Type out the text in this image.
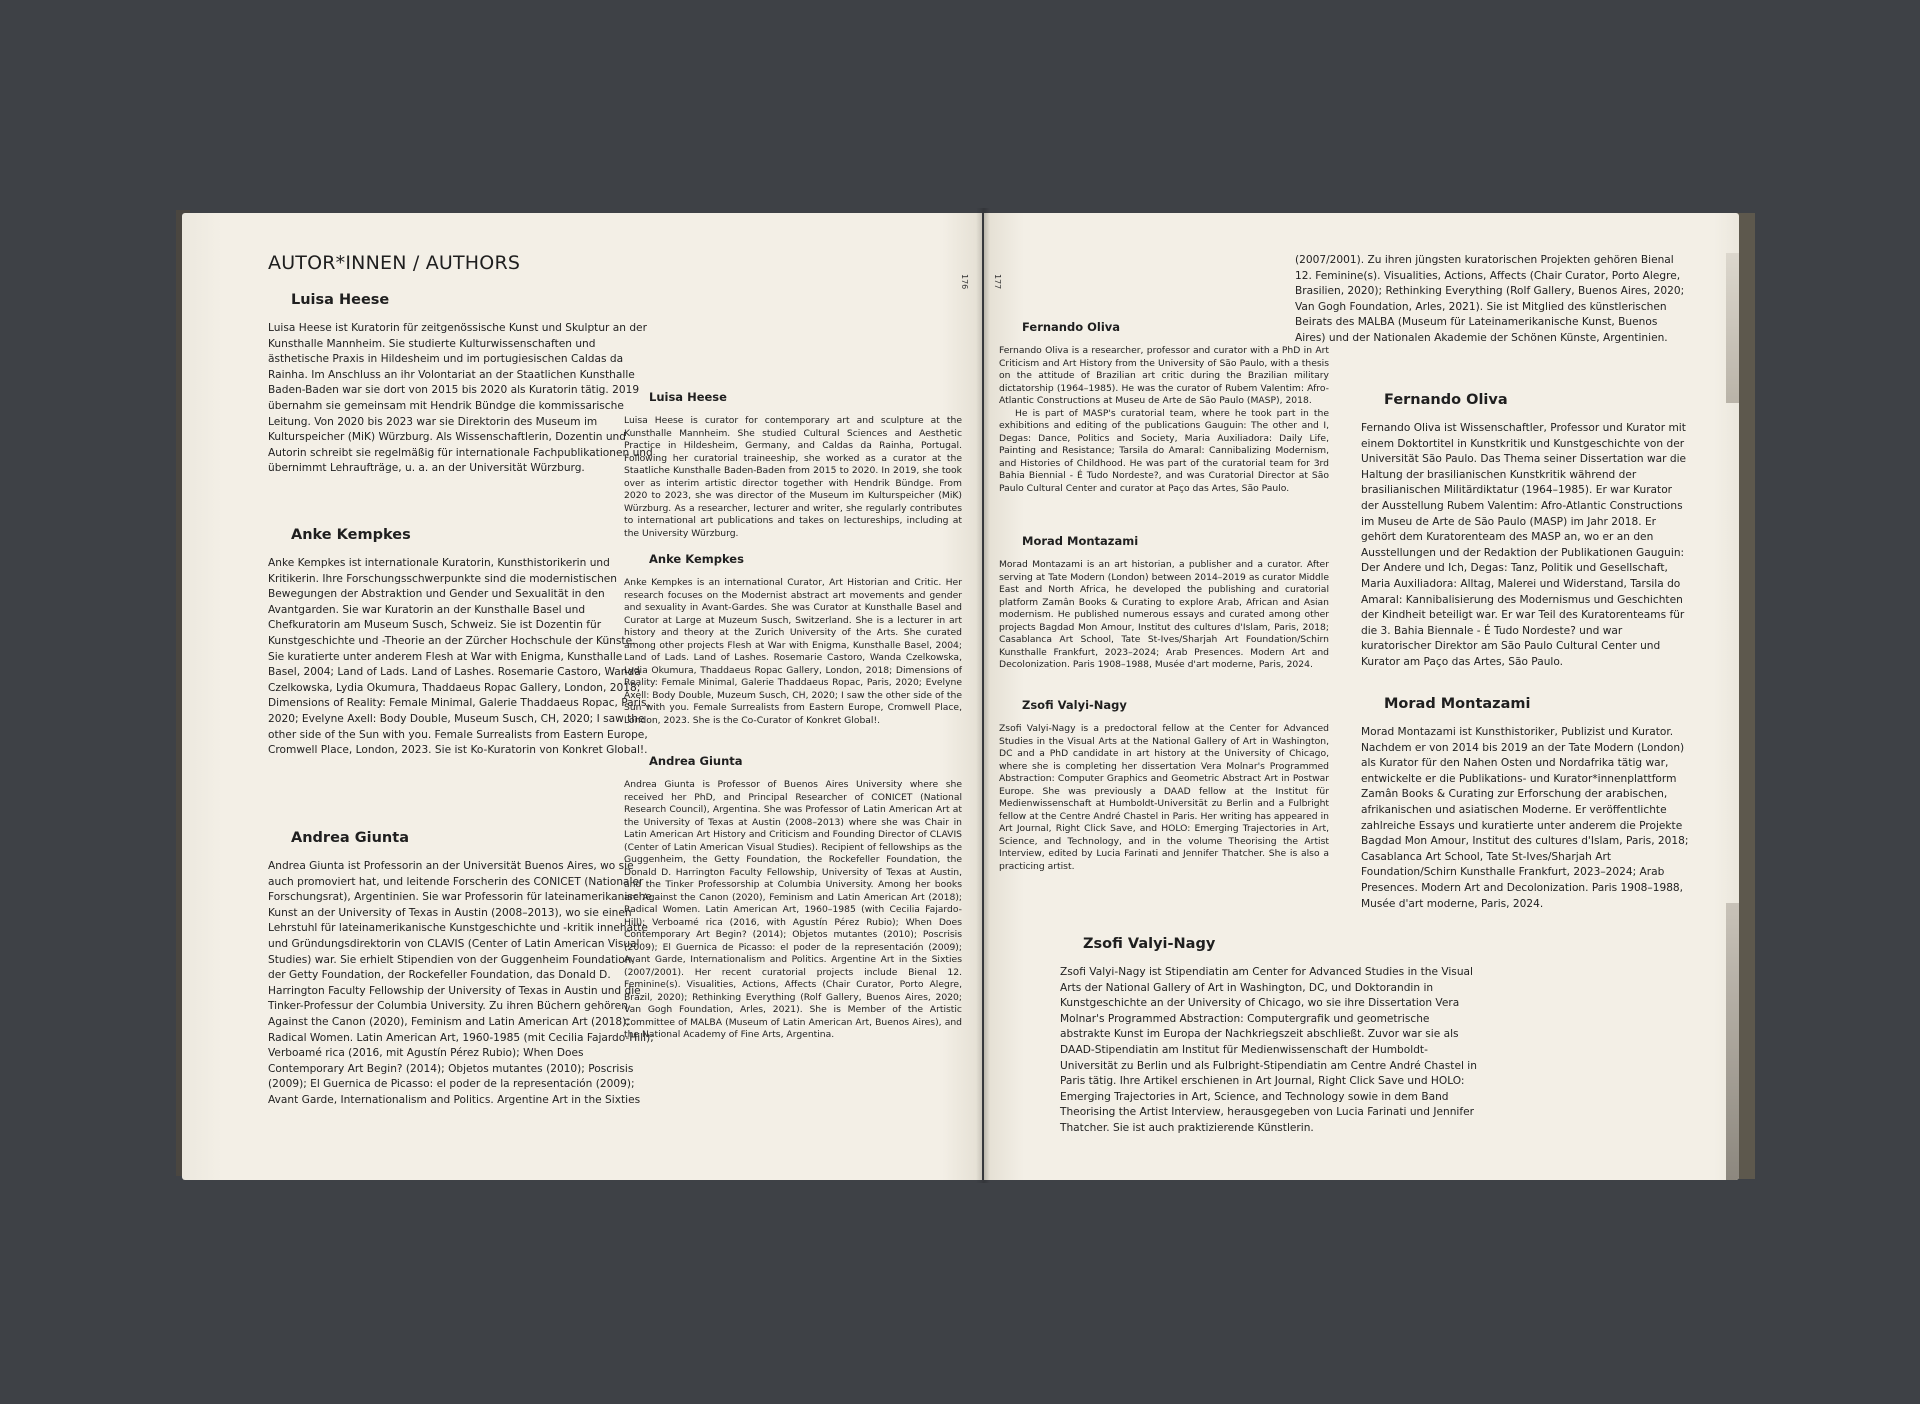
AUTOR*INNEN / AUTHORS
176
Luisa Heese
Luisa Heese ist Kuratorin für zeitgenössische Kunst und Skulptur an der Kunsthalle Mannheim. Sie studierte Kulturwissenschaften und ästhetische Praxis in Hildesheim und im portugiesischen Caldas da Rainha. Im Anschluss an ihr Volontariat an der Staatlichen Kunsthalle Baden-Baden war sie dort von 2015 bis 2020 als Kuratorin tätig. 2019 übernahm sie gemeinsam mit Hendrik Bündge die kommissarische Leitung. Von 2020 bis 2023 war sie Direktorin des Museum im Kulturspeicher (MiK) Würzburg. Als Wissenschaftlerin, Dozentin und Autorin schreibt sie regelmäßig für internationale Fachpublikationen und übernimmt Lehraufträge, u. a. an der Universität Würzburg.
Anke Kempkes
Anke Kempkes ist internationale Kuratorin, Kunsthistorikerin und Kritikerin. Ihre Forschungsschwerpunkte sind die modernistischen Bewegungen der Abstraktion und Gender und Sexualität in den Avantgarden. Sie war Kuratorin an der Kunsthalle Basel und Chefkuratorin am Museum Susch, Schweiz. Sie ist Dozentin für Kunstgeschichte und -Theorie an der Zürcher Hochschule der Künste. Sie kuratierte unter anderem Flesh at War with Enigma, Kunsthalle Basel, 2004; Land of Lads. Land of Lashes. Rosemarie Castoro, Wanda Czelkowska, Lydia Okumura, Thaddaeus Ropac Gallery, London, 2018; Dimensions of Reality: Female Minimal, Galerie Thaddaeus Ropac, Paris, 2020; Evelyne Axell: Body Double, Museum Susch, CH, 2020; I saw the other side of the Sun with you. Female Surrealists from Eastern Europe, Cromwell Place, London, 2023. Sie ist Ko-Kuratorin von Konkret Global!.
Andrea Giunta
Andrea Giunta ist Professorin an der Universität Buenos Aires, wo sie auch promoviert hat, und leitende Forscherin des CONICET (Nationaler Forschungsrat), Argentinien. Sie war Professorin für lateinamerikanische Kunst an der University of Texas in Austin (2008–2013), wo sie einen Lehrstuhl für lateinamerikanische Kunstgeschichte und -kritik innehatte und Gründungsdirektorin von CLAVIS (Center of Latin American Visual Studies) war. Sie erhielt Stipendien von der Guggenheim Foundation, der Getty Foundation, der Rockefeller Foundation, das Donald D. Harrington Faculty Fellowship der University of Texas in Austin und die Tinker-Professur der Columbia University. Zu ihren Büchern gehören Against the Canon (2020), Feminism and Latin American Art (2018); Radical Women. Latin American Art, 1960-1985 (mit Cecilia Fajardo-Hill); Verboamé rica (2016, mit Agustín Pérez Rubio); When Does Contemporary Art Begin? (2014); Objetos mutantes (2010); Poscrisis (2009); El Guernica de Picasso: el poder de la representación (2009); Avant Garde, Internationalism and Politics. Argentine Art in the Sixties
Luisa Heese
Luisa Heese is curator for contemporary art and sculpture at the Kunsthalle Mannheim. She studied Cultural Sciences and Aesthetic Practice in Hildesheim, Germany, and Caldas da Rainha, Portugal. Following her curatorial traineeship, she worked as a curator at the Staatliche Kunsthalle Baden-Baden from 2015 to 2020. In 2019, she took over as interim artistic director together with Hendrik Bündge. From 2020 to 2023, she was director of the Museum im Kulturspeicher (MiK) Würzburg. As a researcher, lecturer and writer, she regularly contributes to international art publications and takes on lectureships, including at the University Würzburg.
Anke Kempkes
Anke Kempkes is an international Curator, Art Historian and Critic. Her research focuses on the Modernist abstract art movements and gender and sexuality in Avant-Gardes. She was Curator at Kunsthalle Basel and Curator at Large at Muzeum Susch, Switzerland. She is a lecturer in art history and theory at the Zurich University of the Arts. She curated among other projects Flesh at War with Enigma, Kunsthalle Basel, 2004; Land of Lads. Land of Lashes. Rosemarie Castoro, Wanda Czelkowska, Lydia Okumura, Thaddaeus Ropac Gallery, London, 2018; Dimensions of Reality: Female Minimal, Galerie Thaddaeus Ropac, Paris, 2020; Evelyne Axell: Body Double, Muzeum Susch, CH, 2020; I saw the other side of the Sun with you. Female Surrealists from Eastern Europe, Cromwell Place, London, 2023. She is the Co-Curator of Konkret Global!.
Andrea Giunta
Andrea Giunta is Professor of Buenos Aires University where she received her PhD, and Principal Researcher of CONICET (National Research Council), Argentina. She was Professor of Latin American Art at the University of Texas at Austin (2008–2013) where she was Chair in Latin American Art History and Criticism and Founding Director of CLAVIS (Center of Latin American Visual Studies). Recipient of fellowships as the Guggenheim, the Getty Foundation, the Rockefeller Foundation, the Donald D. Harrington Faculty Fellowship, University of Texas at Austin, and the Tinker Professorship at Columbia University. Among her books are Against the Canon (2020), Feminism and Latin American Art (2018); Radical Women. Latin American Art, 1960–1985 (with Cecilia Fajardo-Hill); Verboamé rica (2016, with Agustín Pérez Rubio); When Does Contemporary Art Begin? (2014); Objetos mutantes (2010); Poscrisis (2009); El Guernica de Picasso: el poder de la representación (2009); Avant Garde, Internationalism and Politics. Argentine Art in the Sixties (2007/2001). Her recent curatorial projects include Bienal 12. Feminine(s). Visualities, Actions, Affects (Chair Curator, Porto Alegre, Brazil, 2020); Rethinking Everything (Rolf Gallery, Buenos Aires, 2020; Van Gogh Foundation, Arles, 2021). She is Member of the Artistic Committee of MALBA (Museum of Latin American Art, Buenos Aires), and the National Academy of Fine Arts, Argentina.
177
Fernando Oliva
Fernando Oliva is a researcher, professor and curator with a PhD in Art Criticism and Art History from the University of São Paulo, with a thesis on the attitude of Brazilian art critic during the Brazilian military dictatorship (1964–1985). He was the curator of Rubem Valentim: Afro-Atlantic Constructions at Museu de Arte de São Paulo (MASP), 2018.
He is part of MASP's curatorial team, where he took part in the exhibitions and editing of the publications Gauguin: The other and I, Degas: Dance, Politics and Society, Maria Auxiliadora: Daily Life, Painting and Resistance; Tarsila do Amaral: Cannibalizing Modernism, and Histories of Childhood. He was part of the curatorial team for 3rd Bahia Biennial - É Tudo Nordeste?, and was Curatorial Director at São Paulo Cultural Center and curator at Paço das Artes, São Paulo.
Morad Montazami
Morad Montazami is an art historian, a publisher and a curator. After serving at Tate Modern (London) between 2014–2019 as curator Middle East and North Africa, he developed the publishing and curatorial platform Zamân Books & Curating to explore Arab, African and Asian modernism. He published numerous essays and curated among other projects Bagdad Mon Amour, Institut des cultures d'Islam, Paris, 2018; Casablanca Art School, Tate St-Ives/Sharjah Art Foundation/Schirn Kunsthalle Frankfurt, 2023–2024; Arab Presences. Modern Art and Decolonization. Paris 1908–1988, Musée d'art moderne, Paris, 2024.
Zsofi Valyi-Nagy
Zsofi Valyi-Nagy is a predoctoral fellow at the Center for Advanced Studies in the Visual Arts at the National Gallery of Art in Washington, DC and a PhD candidate in art history at the University of Chicago, where she is completing her dissertation Vera Molnar's Programmed Abstraction: Computer Graphics and Geometric Abstract Art in Postwar Europe. She was previously a DAAD fellow at the Institut für Medienwissenschaft at Humboldt-Universität zu Berlin and a Fulbright fellow at the Centre André Chastel in Paris. Her writing has appeared in Art Journal, Right Click Save, and HOLO: Emerging Trajectories in Art, Science, and Technology, and in the volume Theorising the Artist Interview, edited by Lucia Farinati and Jennifer Thatcher. She is also a practicing artist.
(2007/2001). Zu ihren jüngsten kuratorischen Projekten gehören Bienal 12. Feminine(s). Visualities, Actions, Affects (Chair Curator, Porto Alegre, Brasilien, 2020); Rethinking Everything (Rolf Gallery, Buenos Aires, 2020; Van Gogh Foundation, Arles, 2021). Sie ist Mitglied des künstlerischen Beirats des MALBA (Museum für Lateinamerikanische Kunst, Buenos Aires) und der Nationalen Akademie der Schönen Künste, Argentinien.
Fernando Oliva
Fernando Oliva ist Wissenschaftler, Professor und Kurator mit einem Doktortitel in Kunstkritik und Kunstgeschichte von der Universität São Paulo. Das Thema seiner Dissertation war die Haltung der brasilianischen Kunstkritik während der brasilianischen Militärdiktatur (1964–1985). Er war Kurator der Ausstellung Rubem Valentim: Afro-Atlantic Constructions im Museu de Arte de São Paulo (MASP) im Jahr 2018. Er gehört dem Kuratorenteam des MASP an, wo er an den Ausstellungen und der Redaktion der Publikationen Gauguin: Der Andere und Ich, Degas: Tanz, Politik und Gesellschaft, Maria Auxiliadora: Alltag, Malerei und Widerstand, Tarsila do Amaral: Kannibalisierung des Modernismus und Geschichten der Kindheit beteiligt war. Er war Teil des Kuratorenteams für die 3. Bahia Biennale - É Tudo Nordeste? und war kuratorischer Direktor am São Paulo Cultural Center und Kurator am Paço das Artes, São Paulo.
Morad Montazami
Morad Montazami ist Kunsthistoriker, Publizist und Kurator. Nachdem er von 2014 bis 2019 an der Tate Modern (London) als Kurator für den Nahen Osten und Nordafrika tätig war, entwickelte er die Publikations- und Kurator*innenplattform Zamân Books & Curating zur Erforschung der arabischen, afrikanischen und asiatischen Moderne. Er veröffentlichte zahlreiche Essays und kuratierte unter anderem die Projekte Bagdad Mon Amour, Institut des cultures d'Islam, Paris, 2018; Casablanca Art School, Tate St-Ives/Sharjah Art Foundation/Schirn Kunsthalle Frankfurt, 2023–2024; Arab Presences. Modern Art and Decolonization. Paris 1908–1988, Musée d'art moderne, Paris, 2024.
Zsofi Valyi-Nagy
Zsofi Valyi-Nagy ist Stipendiatin am Center for Advanced Studies in the Visual Arts der National Gallery of Art in Washington, DC, und Doktorandin in Kunstgeschichte an der University of Chicago, wo sie ihre Dissertation Vera Molnar's Programmed Abstraction: Computergrafik und geometrische abstrakte Kunst im Europa der Nachkriegszeit abschließt. Zuvor war sie als DAAD-Stipendiatin am Institut für Medienwissenschaft der Humboldt-Universität zu Berlin und als Fulbright-Stipendiatin am Centre André Chastel in Paris tätig. Ihre Artikel erschienen in Art Journal, Right Click Save und HOLO: Emerging Trajectories in Art, Science, and Technology sowie in dem Band Theorising the Artist Interview, herausgegeben von Lucia Farinati und Jennifer Thatcher. Sie ist auch praktizierende Künstlerin.
